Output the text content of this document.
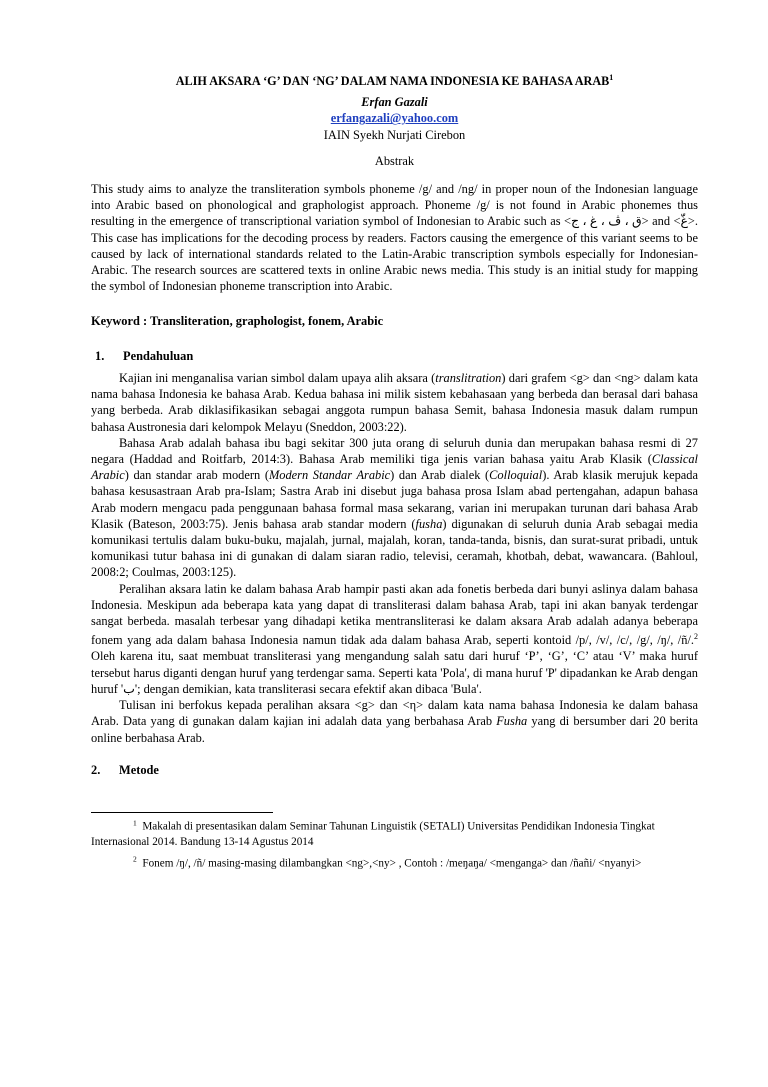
ALIH AKSARA ‘G’ DAN ‘NG’ DALAM NAMA INDONESIA KE BAHASA ARAB$^1$
Erfan Gazali
erfangazali@yahoo.com
IAIN Syekh Nurjati Cirebon
Abstrak
This study aims to analyze the transliteration symbols phoneme /g/ and /ng/ in proper noun of the Indonesian language into Arabic based on phonological and graphologist approach. Phoneme /g/ is not found in Arabic phonemes thus resulting in the emergence of transcriptional variation symbol of Indonesian to Arabic such as <ق ، ڤ ، غ ، ج> and <غّ>. This case has implications for the decoding process by readers. Factors causing the emergence of this variant seems to be caused by lack of international standards related to the Latin-Arabic transcription symbols especially for Indonesian-Arabic. The research sources are scattered texts in online Arabic news media. This study is an initial study for mapping the symbol of Indonesian phoneme transcription into Arabic.
Keyword : Transliteration, graphologist, fonem, Arabic
1. Pendahuluan
Kajian ini menganalisa varian simbol dalam upaya alih aksara (translitration) dari grafem <g> dan <ng> dalam kata nama bahasa Indonesia ke bahasa Arab. Kedua bahasa ini milik sistem kebahasaan yang berbeda dan berasal dari bahasa yang berbeda. Arab diklasifikasikan sebagai anggota rumpun bahasa Semit, bahasa Indonesia masuk dalam rumpun bahasa Austronesia dari kelompok Melayu (Sneddon, 2003:22).
Bahasa Arab adalah bahasa ibu bagi sekitar 300 juta orang di seluruh dunia dan merupakan bahasa resmi di 27 negara (Haddad and Roitfarb, 2014:3). Bahasa Arab memiliki tiga jenis varian bahasa yaitu Arab Klasik (Classical Arabic) dan standar arab modern (Modern Standar Arabic) dan Arab dialek (Colloquial). Arab klasik merujuk kepada bahasa kesusastraan Arab pra-Islam; Sastra Arab ini disebut juga bahasa prosa Islam abad pertengahan, adapun bahasa Arab modern mengacu pada penggunaan bahasa formal masa sekarang, varian ini merupakan turunan dari bahasa Arab Klasik (Bateson, 2003:75). Jenis bahasa arab standar modern (fusha) digunakan di seluruh dunia Arab sebagai media komunikasi tertulis dalam buku-buku, majalah, jurnal, majalah, koran, tanda-tanda, bisnis, dan surat-surat pribadi, untuk komunikasi tutur bahasa ini di gunakan di dalam siaran radio, televisi, ceramah, khotbah, debat, wawancara. (Bahloul, 2008:2; Coulmas, 2003:125).
Peralihan aksara latin ke dalam bahasa Arab hampir pasti akan ada fonetis berbeda dari bunyi aslinya dalam bahasa Indonesia. Meskipun ada beberapa kata yang dapat di transliterasi dalam bahasa Arab, tapi ini akan banyak terdengar sangat berbeda. masalah terbesar yang dihadapi ketika mentransliterasi ke dalam aksara Arab adalah adanya beberapa fonem yang ada dalam bahasa Indonesia namun tidak ada dalam bahasa Arab, seperti kontoid /p/, /v/, /c/, /g/, /ŋ/, /ñ/.$^2$ Oleh karena itu, saat membuat transliterasi yang mengandung salah satu dari huruf ‘P’, ‘G’, ‘C’ atau ‘V’ maka huruf tersebut harus diganti dengan huruf yang terdengar sama. Seperti kata 'Pola', di mana huruf 'P' dipadankan ke Arab dengan huruf 'ب'; dengan demikian, kata transliterasi secara efektif akan dibaca 'Bula'.
Tulisan ini berfokus kepada peralihan aksara <g> dan <η> dalam kata nama bahasa Indonesia ke dalam bahasa Arab. Data yang di gunakan dalam kajian ini adalah data yang berbahasa Arab Fusha yang di bersumber dari 20 berita online berbahasa Arab.
2. Metode
$^1$ Makalah di presentasikan dalam Seminar Tahunan Linguistik (SETALI) Universitas Pendidikan Indonesia Tingkat Internasional 2014. Bandung 13-14 Agustus 2014
$^2$ Fonem /ŋ/, /ñ/ masing-masing dilambangkan <ng>,<ny> , Contoh : /meŋaŋa/ <menganga> dan /ñañi/ <nyanyi>
